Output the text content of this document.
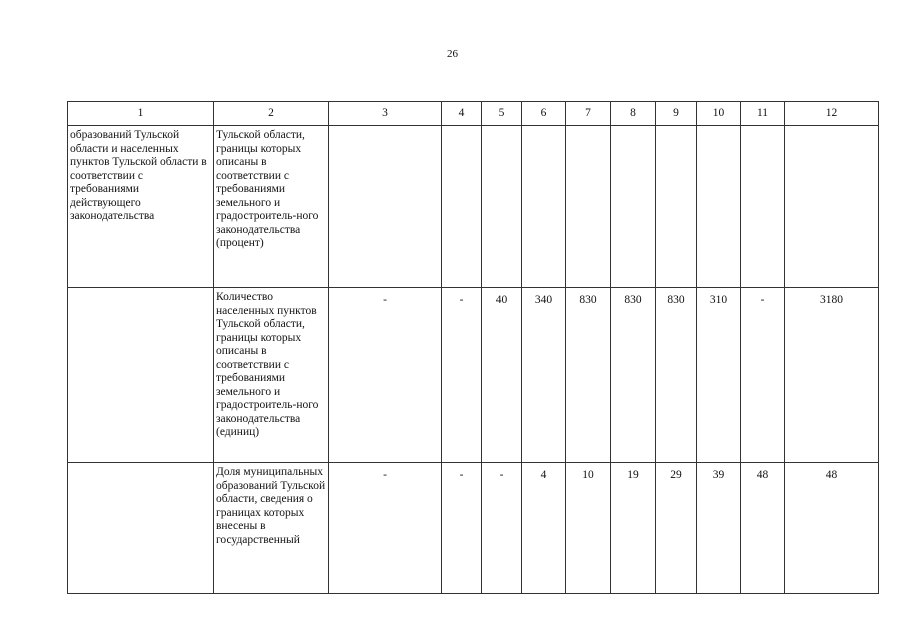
26
1	2	3	4	5	6	7	8	9	10	11	12
образований Тульской области и населенных пунктов Тульской области в соответствии с требованиями действующего законодательства	Тульской области, границы которых описаны в соответствии с требованиями земельного и градостроитель-ного законодательства (процент)										
	Количество населенных пунктов Тульской области, границы которых описаны в соответствии с требованиями земельного и градостроитель-ного законодательства (единиц)	-	-	40	340	830	830	830	310	-	3180
	Доля муниципальных образований Тульской области, сведения о границах которых внесены в государственный	-	-	-	4	10	19	29	39	48	48
